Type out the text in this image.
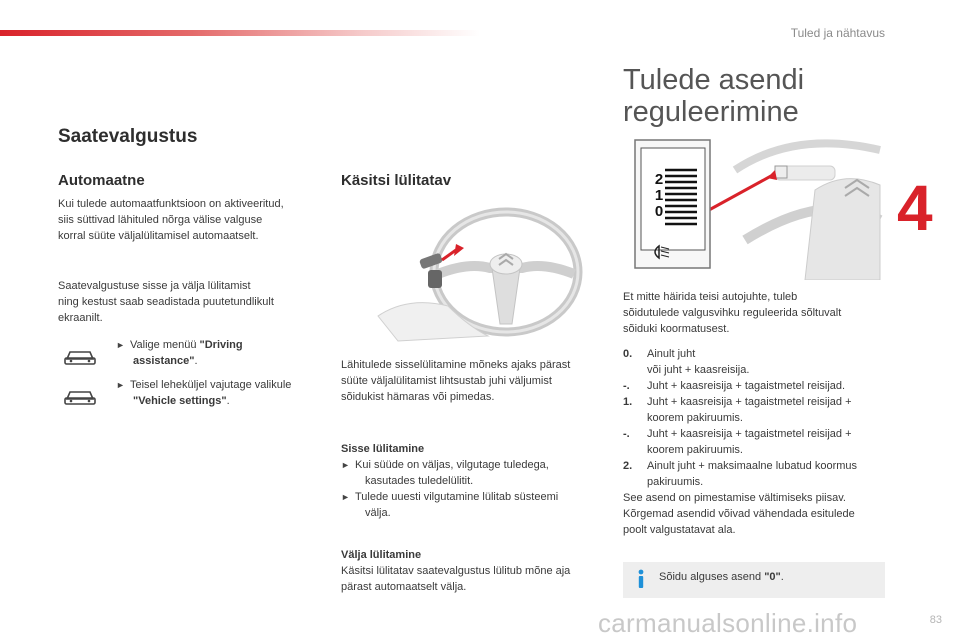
Tuled ja nähtavus
4
83
Saatevalgustus
Automaatne

Kui tulede automaatfunktsioon on aktiveeritud,

siis süttivad lähituled nõrga välise valguse

korral süüte väljalülitamisel automaatselt.

Saatevalgustuse sisse ja välja lülitamist

ning kestust saab seadistada puutetundlikult

ekraanilt.

► Valige menüü "Driving
assistance".
► Teisel leheküljel vajutage valikule
"Vehicle settings".
Käsitsi lülitatav

Lähitulede sisselülitamine mõneks ajaks pärast

süüte väljalülitamist lihtsustab juhi väljumist

sõidukist hämaras või pimedas.

Sisse lülitamine

► Kui süüde on väljas, vilgutage tuledega,
kasutades tuledelülitit.
► Tulede uuesti vilgutamine lülitab süsteemi
välja.

Välja lülitamine

Käsitsi lülitatav saatevalgustus lülitub mõne aja

pärast automaatselt välja.

Tulede asendi
reguleerimine
2
1
0

Et mitte häirida teisi autojuhte, tuleb

sõidutulede valgusvihku reguleerida sõltuvalt

sõiduki koormatusest.

0.	Ainult juht
või juht + kaasreisija.
-.	Juht + kaasreisija + tagaistmetel reisijad.
1.	Juht + kaasreisija + tagaistmetel reisijad +
koorem pakiruumis.
-.	Juht + kaasreisija + tagaistmetel reisijad +
koorem pakiruumis.
2.	Ainult juht + maksimaalne lubatud koormus
pakiruumis.
See asend on pimestamise vältimiseks piisav.
Kõrgemad asendid võivad vähendada esitulede
poolt valgustatavat ala.
Sõidu alguses asend "0".
carmanualsonline.info
